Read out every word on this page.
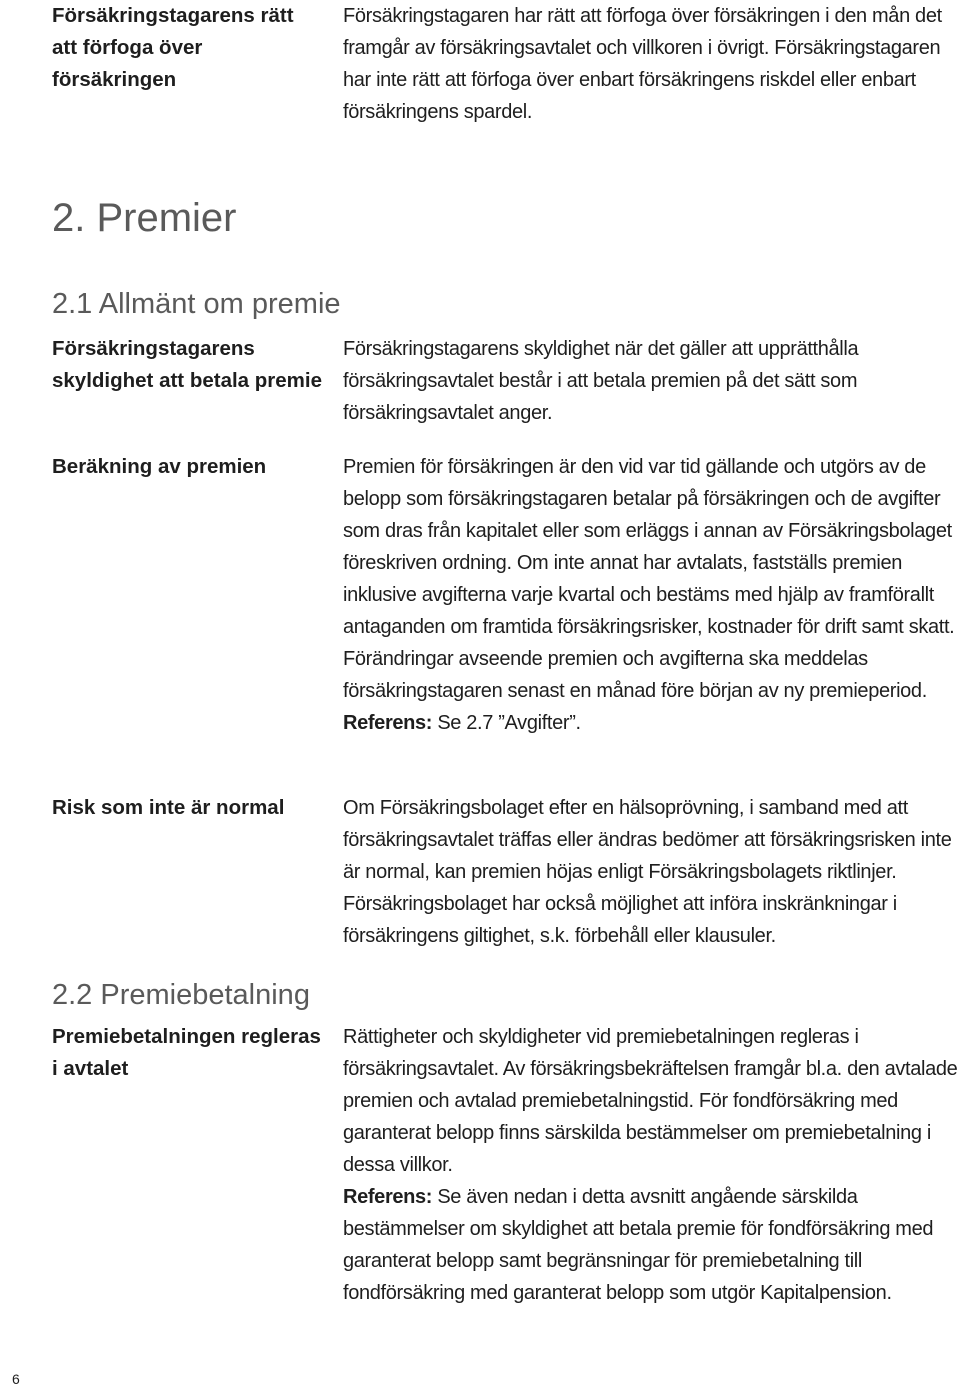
Försäkringstagarens rätt att förfoga över försäkringen

Försäkringstagaren har rätt att förfoga över försäkringen i den mån det framgår av försäkringsavtalet och villkoren i övrigt. Försäkringstagaren har inte rätt att förfoga över enbart försäkringens riskdel eller enbart försäkringens spardel.

2. Premier
2.1 Allmänt om premie
Försäkringstagarens skyldighet att betala premie

Försäkringstagarens skyldighet när det gäller att upprätthålla försäkringsavtalet består i att betala premien på det sätt som försäkringsavtalet anger.

Beräkning av premien	Premien för försäkringen är den vid var tid gällande och utgörs av de belopp som försäkringstagaren betalar på försäkringen och de avgifter som dras från kapitalet eller som erläggs i annan av Försäkringsbolaget föreskriven ordning. Om inte annat har avtalats, fastställs premien inklusive avgifterna varje kvartal och bestäms med hjälp av framförallt antaganden om framtida försäkringsrisker, kostnader för drift samt skatt. Förändringar avseende premien och avgifterna ska meddelas försäkringstagaren senast en månad före början av ny premieperiod.

Referens: Se 2.7 ”Avgifter”.

Risk som inte är normal	Om Försäkringsbolaget efter en hälsoprövning, i samband med att försäkringsavtalet träffas eller ändras bedömer att försäkringsrisken inte är normal, kan premien höjas enligt Försäkringsbolagets riktlinjer. Försäkringsbolaget har också möjlighet att införa inskränkningar i försäkringens giltighet, s.k. förbehåll eller klausuler.

2.2 Premiebetalning
Premiebetalningen regleras i avtalet

Rättigheter och skyldigheter vid premiebetalningen regleras i försäkringsavtalet. Av försäkringsbekräftelsen framgår bl.a. den avtalade premien och avtalad premiebetalningstid. För fondförsäkring med garanterat belopp finns särskilda bestämmelser om premiebetalning i dessa villkor.

Referens: Se även nedan i detta avsnitt angående särskilda bestämmelser om skyldighet att betala premie för fondförsäkring med garanterat belopp samt begränsningar för premiebetalning till fondförsäkring med garanterat belopp som utgör Kapitalpension.

6
